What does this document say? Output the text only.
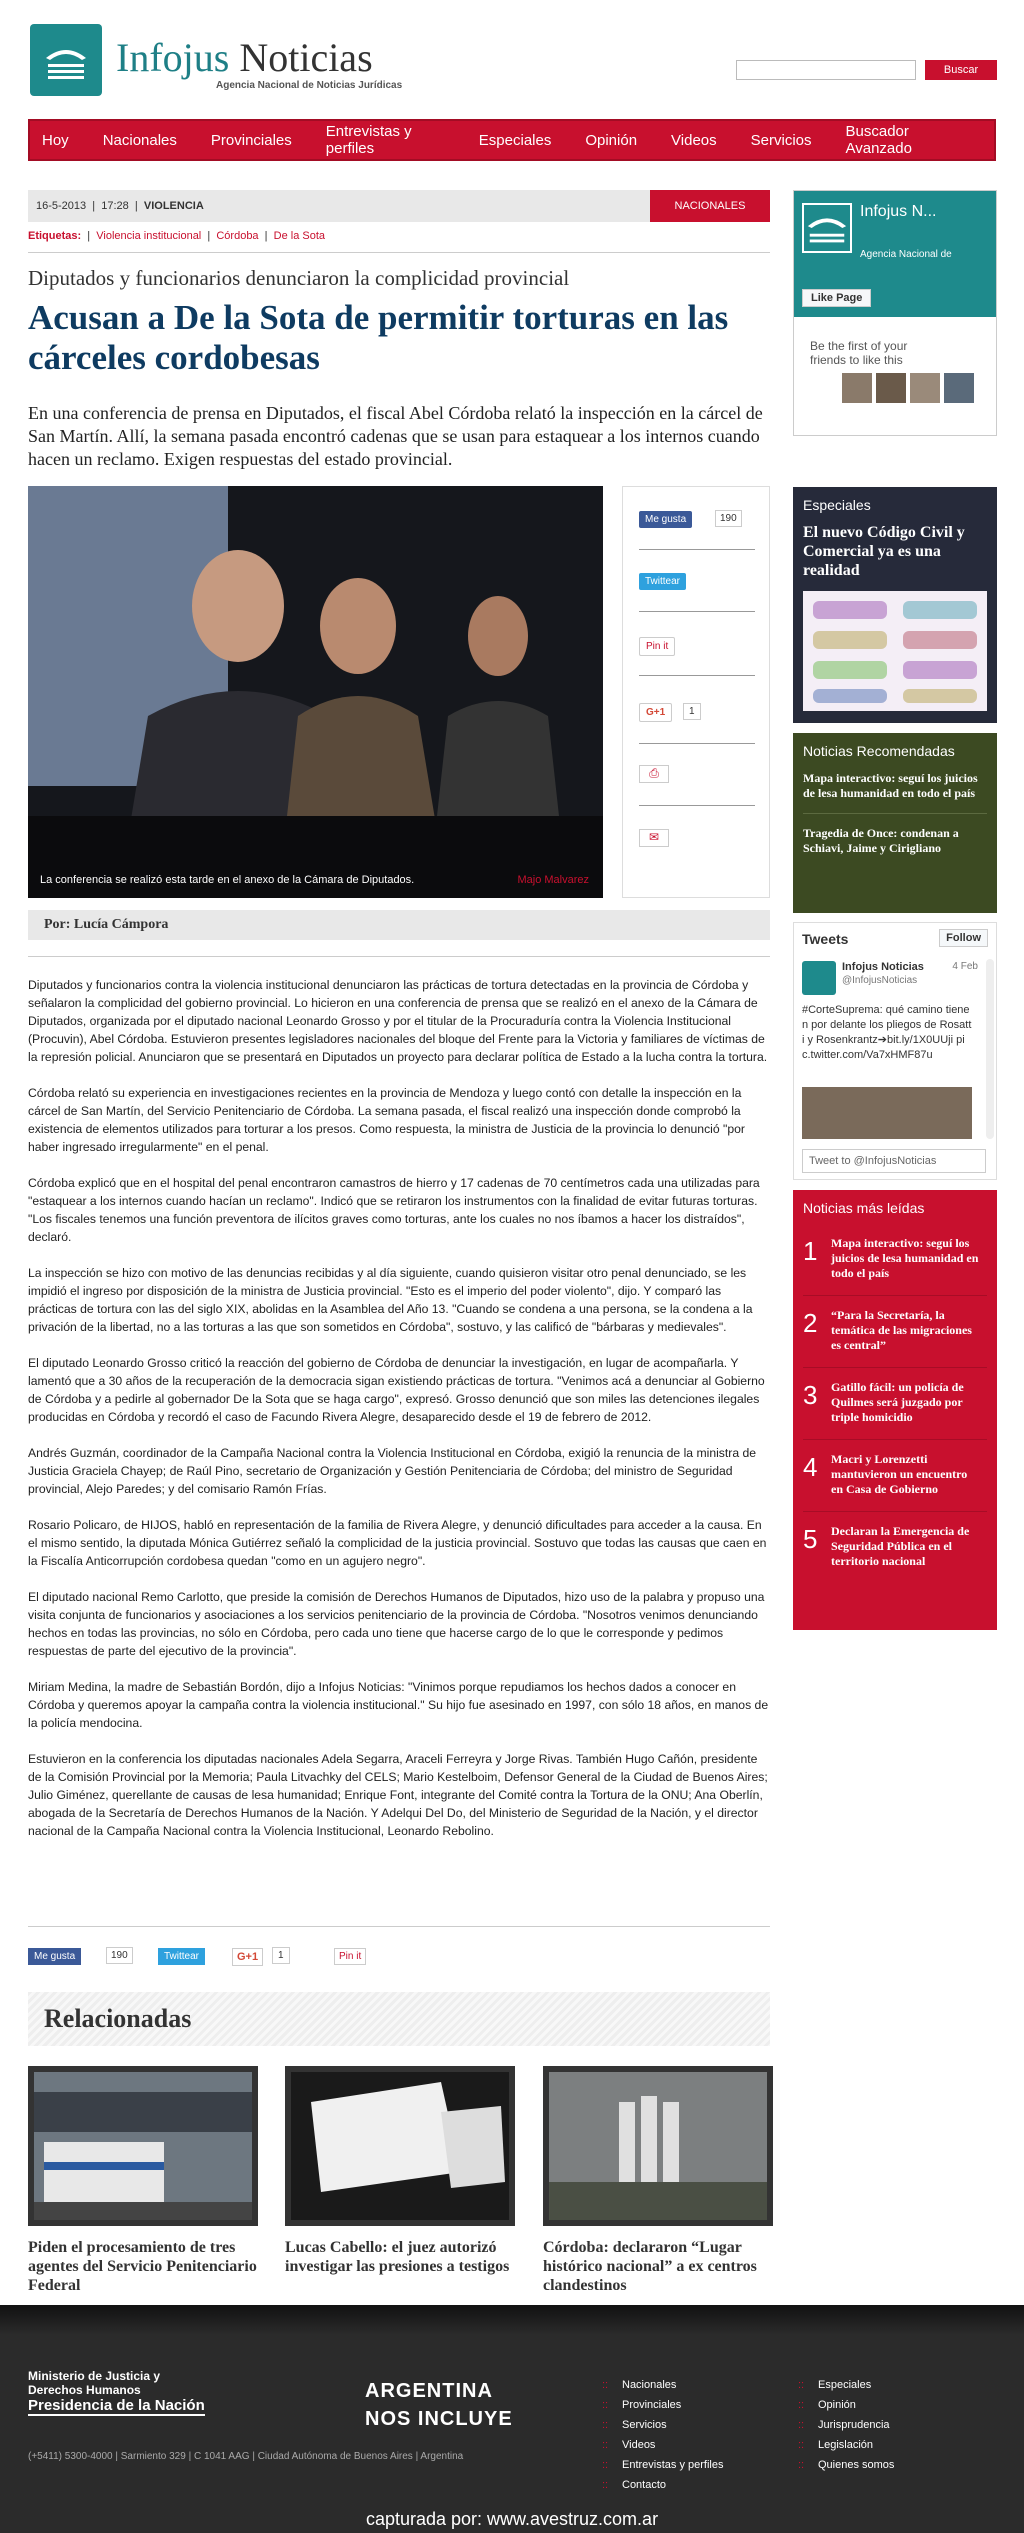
Infojus Noticias
Agencia Nacional de Noticias Jurídicas
Buscar
Hoy Nacionales Provinciales Entrevistas y perfiles	Especiales Opinión Videos Servicios Buscador Avanzado
16-5-2013  |  17:28  |  VIOLENCIA	NACIONALES
Etiquetas:  |  Violencia institucional  |  Córdoba  |  De la Sota
Diputados y funcionarios denunciaron la complicidad provincial
Acusan a De la Sota de permitir torturas en las cárceles cordobesas
En una conferencia de prensa en Diputados, el fiscal Abel Córdoba relató la inspección en la cárcel de San Martín. Allí, la semana pasada encontró cadenas que se usan para estaquear a los internos cuando hacen un reclamo. Exigen respuestas del estado provincial.
La conferencia se realizó esta tarde en el anexo de la Cámara de Diputados.	Majo Malvarez
Me gusta	190
Twittear
Pin it
G+1	1
⎙
✉
Por: Lucía Cámpora

Diputados y funcionarios contra la violencia institucional denunciaron las prácticas de tortura detectadas en la provincia de Córdoba y señalaron la complicidad del gobierno provincial. Lo hicieron en una conferencia de prensa que se realizó en el anexo de la Cámara de Diputados, organizada por el diputado nacional Leonardo Grosso y por el titular de la Procuraduría contra la Violencia Institucional (Procuvin), Abel Córdoba. Estuvieron presentes legisladores nacionales del bloque del Frente para la Victoria y familiares de víctimas de la represión policial. Anunciaron que se presentará en Diputados un proyecto para declarar política de Estado a la lucha contra la tortura.

Córdoba relató su experiencia en investigaciones recientes en la provincia de Mendoza y luego contó con detalle la inspección en la cárcel de San Martín, del Servicio Penitenciario de Córdoba. La semana pasada, el fiscal realizó una inspección donde comprobó la existencia de elementos utilizados para torturar a los presos. Como respuesta, la ministra de Justicia de la provincia lo denunció "por haber ingresado irregularmente" en el penal.

Córdoba explicó que en el hospital del penal encontraron camastros de hierro y 17 cadenas de 70 centímetros cada una utilizadas para "estaquear a los internos cuando hacían un reclamo". Indicó que se retiraron los instrumentos con la finalidad de evitar futuras torturas. "Los fiscales tenemos una función preventora de ilícitos graves como torturas, ante los cuales no nos íbamos a hacer los distraídos", declaró.

La inspección se hizo con motivo de las denuncias recibidas y al día siguiente, cuando quisieron visitar otro penal denunciado, se les impidió el ingreso por disposición de la ministra de Justicia provincial. "Esto es el imperio del poder violento", dijo. Y comparó las prácticas de tortura con las del siglo XIX, abolidas en la Asamblea del Año 13. "Cuando se condena a una persona, se la condena a la privación de la libertad, no a las torturas a las que son sometidos en Córdoba", sostuvo, y las calificó de "bárbaras y medievales".

El diputado Leonardo Grosso criticó la reacción del gobierno de Córdoba de denunciar la investigación, en lugar de acompañarla. Y lamentó que a 30 años de la recuperación de la democracia sigan existiendo prácticas de tortura. "Venimos acá a denunciar al Gobierno de Córdoba y a pedirle al gobernador De la Sota que se haga cargo", expresó. Grosso denunció que son miles las detenciones ilegales producidas en Córdoba y recordó el caso de Facundo Rivera Alegre, desaparecido desde el 19 de febrero de 2012.

Andrés Guzmán, coordinador de la Campaña Nacional contra la Violencia Institucional en Córdoba, exigió la renuncia de la ministra de Justicia Graciela Chayep; de Raúl Pino, secretario de Organización y Gestión Penitenciaria de Córdoba; del ministro de Seguridad provincial, Alejo Paredes; y del comisario Ramón Frías.

Rosario Policaro, de HIJOS, habló en representación de la familia de Rivera Alegre, y denunció dificultades para acceder a la causa. En el mismo sentido, la diputada Mónica Gutiérrez señaló la complicidad de la justicia provincial. Sostuvo que todas las causas que caen en la Fiscalía Anticorrupción cordobesa quedan "como en un agujero negro".

El diputado nacional Remo Carlotto, que preside la comisión de Derechos Humanos de Diputados, hizo uso de la palabra y propuso una visita conjunta de funcionarios y asociaciones a los servicios penitenciario de la provincia de Córdoba. "Nosotros venimos denunciando hechos en todas las provincias, no sólo en Córdoba, pero cada uno tiene que hacerse cargo de lo que le corresponde y pedimos respuestas de parte del ejecutivo de la provincia".

Miriam Medina, la madre de Sebastián Bordón, dijo a Infojus Noticias: "Vinimos porque repudiamos los hechos dados a conocer en Córdoba y queremos apoyar la campaña contra la violencia institucional." Su hijo fue asesinado en 1997, con sólo 18 años, en manos de la policía mendocina.

Estuvieron en la conferencia los diputadas nacionales Adela Segarra, Araceli Ferreyra y Jorge Rivas. También Hugo Cañón, presidente de la Comisión Provincial por la Memoria; Paula Litvachky del CELS; Mario Kestelboim, Defensor General de la Ciudad de Buenos Aires; Julio Giménez, querellante de causas de lesa humanidad; Enrique Font, integrante del Comité contra la Tortura de la ONU; Ana Oberlín, abogada de la Secretaría de Derechos Humanos de la Nación. Y Adelqui Del Do, del Ministerio de Seguridad de la Nación, y el director nacional de la Campaña Nacional contra la Violencia Institucional, Leonardo Rebolino.

Me gusta	190	Twittear	G+1	1	Pin it
Relacionadas
Piden el procesamiento de tres agentes del Servicio Penitenciario Federal
Lucas Cabello: el juez autorizó investigar las presiones a testigos
Córdoba: declararon “Lugar histórico nacional” a ex centros clandestinos
Infojus N...
Agencia Nacional de
Like Page
Be the first of your friends to like this
Especiales
El nuevo Código Civil y Comercial ya es una realidad
Noticias Recomendadas
Mapa interactivo: seguí los juicios de lesa humanidad en todo el país
Tragedia de Once: condenan a Schiavi, Jaime y Cirigliano
Tweets	Follow
Infojus Noticias
@InfojusNoticias
4 Feb
#CorteSuprema: qué camino tienen por delante los pliegos de Rosatti y Rosenkrantz➔bit.ly/1X0UUji pic.twitter.com/Va7xHMF87u
Tweet to @InfojusNoticias
Noticias más leídas
1	Mapa interactivo: seguí los juicios de lesa humanidad en todo el país
2	“Para la Secretaría, la temática de las migraciones es central”
3	Gatillo fácil: un policía de Quilmes será juzgado por triple homicidio
4	Macri y Lorenzetti mantuvieron un encuentro en Casa de Gobierno
5	Declaran la Emergencia de Seguridad Pública en el territorio nacional
Ministerio de Justicia y Derechos Humanos
Presidencia de la Nación
(+5411) 5300-4000 | Sarmiento 329 | C 1041 AAG | Ciudad Autónoma de Buenos Aires | Argentina
ARGENTINA
NOS INCLUYE
:: Nacionales
:: Provinciales
:: Servicios
:: Videos
:: Entrevistas y perfiles
:: Contacto
:: Especiales
:: Opinión
:: Jurisprudencia
:: Legislación
:: Quienes somos
capturada por: www.avestruz.com.ar
